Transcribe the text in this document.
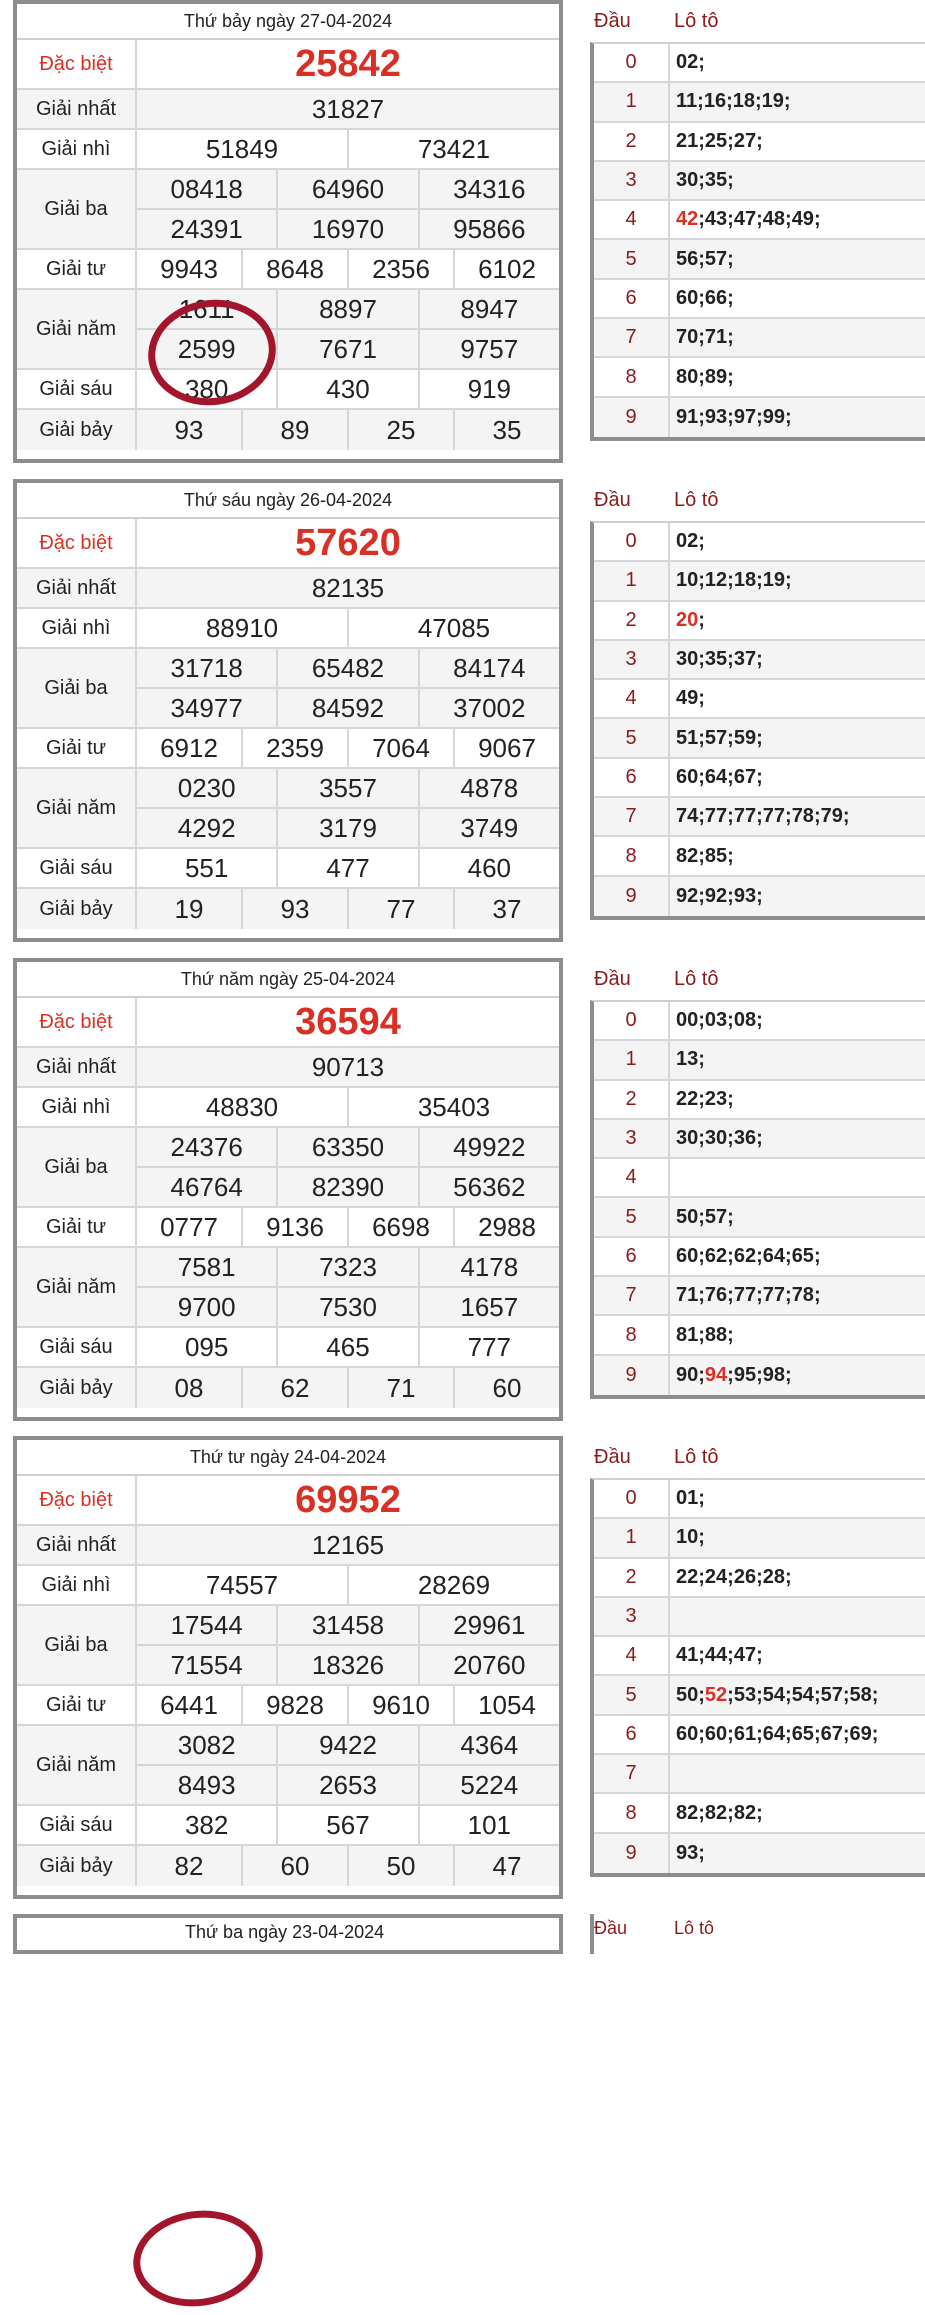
Thứ bảy ngày 27-04-2024
Đặc biệt	25842
Giải nhất	31827
Giải nhì	51849	73421
Giải ba
08418	64960	34316
24391	16970	95866
Giải tư	9943	8648	2356	6102
Giải năm
1611	8897	8947
2599	7671	9757
Giải sáu	380	430	919
Giải bảy	93	89	25	35
Đầu	Lô tô
0	02 ;
1	11 ; 16 ; 18 ; 19 ;
2	21 ; 25 ; 27 ;
3	30 ; 35 ;
4	42 ; 43 ; 47 ; 48 ; 49 ;
5	56 ; 57 ;
6	60 ; 66 ;
7	70 ; 71 ;
8	80 ; 89 ;
9	91 ; 93 ; 97 ; 99 ;
Thứ sáu ngày 26-04-2024
Đặc biệt	57620
Giải nhất	82135
Giải nhì	88910	47085
Giải ba
31718	65482	84174
34977	84592	37002
Giải tư	6912	2359	7064	9067
Giải năm
0230	3557	4878
4292	3179	3749
Giải sáu	551	477	460
Giải bảy	19	93	77	37
Đầu	Lô tô
0	02 ;
1	10 ; 12 ; 18 ; 19 ;
2	20 ;
3	30 ; 35 ; 37 ;
4	49 ;
5	51 ; 57 ; 59 ;
6	60 ; 64 ; 67 ;
7	74 ; 77 ; 77 ; 77 ; 78 ; 79 ;
8	82 ; 85 ;
9	92 ; 92 ; 93 ;
Thứ năm ngày 25-04-2024
Đặc biệt	36594
Giải nhất	90713
Giải nhì	48830	35403
Giải ba
24376	63350	49922
46764	82390	56362
Giải tư	0777	9136	6698	2988
Giải năm
7581	7323	4178
9700	7530	1657
Giải sáu	095	465	777
Giải bảy	08	62	71	60
Đầu	Lô tô
0	00 ; 03 ; 08 ;
1	13 ;
2	22 ; 23 ;
3	30 ; 30 ; 36 ;
4
5	50 ; 57 ;
6	60 ; 62 ; 62 ; 64 ; 65 ;
7	71 ; 76 ; 77 ; 77 ; 78 ;
8	81 ; 88 ;
9	90 ; 94 ; 95 ; 98 ;
Thứ tư ngày 24-04-2024
Đặc biệt	69952
Giải nhất	12165
Giải nhì	74557	28269
Giải ba
17544	31458	29961
71554	18326	20760
Giải tư	6441	9828	9610	1054
Giải năm
3082	9422	4364
8493	2653	5224
Giải sáu	382	567	101
Giải bảy	82	60	50	47
Đầu	Lô tô
0	01 ;
1	10 ;
2	22 ; 24 ; 26 ; 28 ;
3
4	41 ; 44 ; 47 ;
5	50 ; 52 ; 53 ; 54 ; 54 ; 57 ; 58 ;
6	60 ; 60 ; 61 ; 64 ; 65 ; 67 ; 69 ;
7
8	82 ; 82 ; 82 ;
9	93 ;
Thứ ba ngày 23-04-2024	Đầu	Lô tô
